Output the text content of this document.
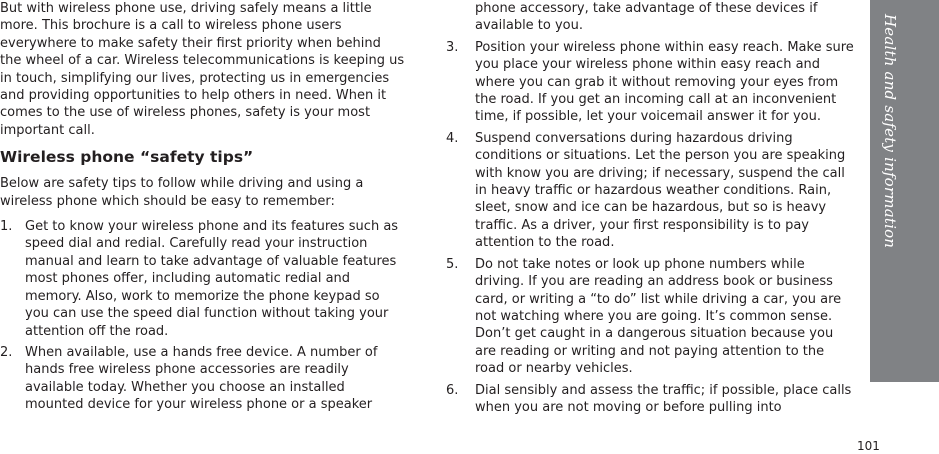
But with wireless phone use, driving safely means a little more. This brochure is a call to wireless phone users everywhere to make safety their first priority when behind the wheel of a car. Wireless telecommunications is keeping us in touch, simplifying our lives, protecting us in emergencies and providing opportunities to help others in need. When it comes to the use of wireless phones, safety is your most important call.

Wireless phone “safety tips”

Below are safety tips to follow while driving and using a wireless phone which should be easy to remember:

1. Get to know your wireless phone and its features such as speed dial and redial. Carefully read your instruction manual and learn to take advantage of valuable features most phones offer, including automatic redial and memory. Also, work to memorize the phone keypad so you can use the speed dial function without taking your attention off the road.
2. When available, use a hands free device. A number of hands free wireless phone accessories are readily available today. Whether you choose an installed mounted device for your wireless phone or a speaker

phone accessory, take advantage of these devices if available to you.

3. Position your wireless phone within easy reach. Make sure you place your wireless phone within easy reach and where you can grab it without removing your eyes from the road. If you get an incoming call at an inconvenient time, if possible, let your voicemail answer it for you.
4. Suspend conversations during hazardous driving conditions or situations. Let the person you are speaking with know you are driving; if necessary, suspend the call in heavy traffic or hazardous weather conditions. Rain, sleet, snow and ice can be hazardous, but so is heavy traffic. As a driver, your first responsibility is to pay attention to the road.
5. Do not take notes or look up phone numbers while driving. If you are reading an address book or business card, or writing a “to do” list while driving a car, you are not watching where you are going. It’s common sense. Don’t get caught in a dangerous situation because you are reading or writing and not paying attention to the road or nearby vehicles.
6. Dial sensibly and assess the traffic; if possible, place calls when you are not moving or before pulling into
Health and safety information
101
